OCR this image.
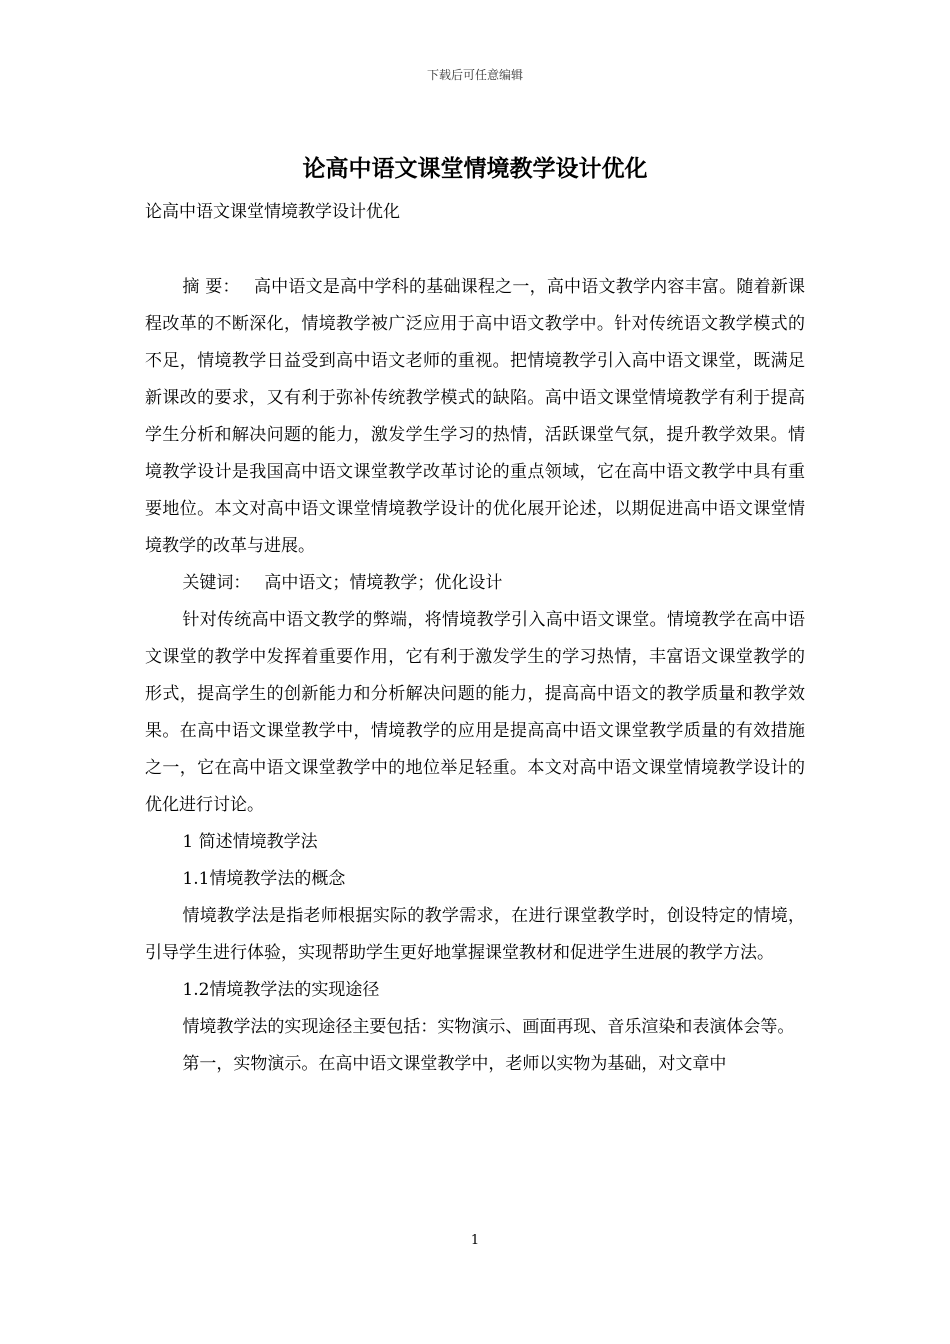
下载后可任意编辑
论高中语文课堂情境教学设计优化
论高中语文课堂情境教学设计优化

摘 要： 高中语文是高中学科的基础课程之一，高中语文教学内容丰富。随着新课程改革的不断深化，情境教学被广泛应用于高中语文教学中。针对传统语文教学模式的不足，情境教学日益受到高中语文老师的重视。把情境教学引入高中语文课堂，既满足新课改的要求，又有利于弥补传统教学模式的缺陷。高中语文课堂情境教学有利于提高学生分析和解决问题的能力，激发学生学习的热情，活跃课堂气氛，提升教学效果。情境教学设计是我国高中语文课堂教学改革讨论的重点领域，它在高中语文教学中具有重要地位。本文对高中语文课堂情境教学设计的优化展开论述，以期促进高中语文课堂情境教学的改革与进展。

关键词： 高中语文；情境教学；优化设计

针对传统高中语文教学的弊端，将情境教学引入高中语文课堂。情境教学在高中语文课堂的教学中发挥着重要作用，它有利于激发学生的学习热情，丰富语文课堂教学的形式，提高学生的创新能力和分析解决问题的能力，提高高中语文的教学质量和教学效果。在高中语文课堂教学中，情境教学的应用是提高高中语文课堂教学质量的有效措施之一，它在高中语文课堂教学中的地位举足轻重。本文对高中语文课堂情境教学设计的优化进行讨论。

1 简述情境教学法

1.1情境教学法的概念

情境教学法是指老师根据实际的教学需求，在进行课堂教学时，创设特定的情境，引导学生进行体验，实现帮助学生更好地掌握课堂教材和促进学生进展的教学方法。

1.2情境教学法的实现途径

情境教学法的实现途径主要包括：实物演示、画面再现、音乐渲染和表演体会等。

第一，实物演示。在高中语文课堂教学中，老师以实物为基础，对文章中

1
